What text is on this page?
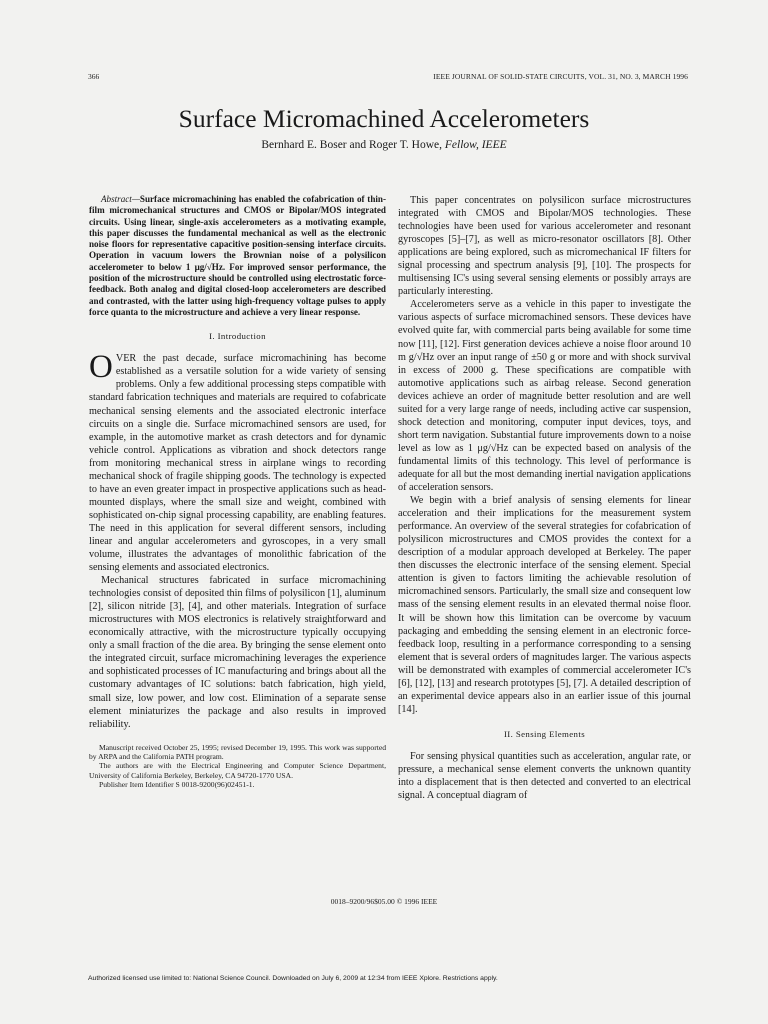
366	IEEE JOURNAL OF SOLID-STATE CIRCUITS, VOL. 31, NO. 3, MARCH 1996
Surface Micromachined Accelerometers
Bernhard E. Boser and Roger T. Howe, Fellow, IEEE

Abstract—Surface micromachining has enabled the cofabrication of thin-film micromechanical structures and CMOS or Bipolar/MOS integrated circuits. Using linear, single-axis accelerometers as a motivating example, this paper discusses the fundamental mechanical as well as the electronic noise floors for representative capacitive position-sensing interface circuits. Operation in vacuum lowers the Brownian noise of a polysilicon accelerometer to below 1 μg/√Hz. For improved sensor performance, the position of the microstructure should be controlled using electrostatic force-feedback. Both analog and digital closed-loop accelerometers are described and contrasted, with the latter using high-frequency voltage pulses to apply force quanta to the microstructure and achieve a very linear response.

I. Introduction

OVER the past decade, surface micromachining has become established as a versatile solution for a wide variety of sensing problems. Only a few additional processing steps compatible with standard fabrication techniques and materials are required to cofabricate mechanical sensing elements and the associated electronic interface circuits on a single die. Surface micromachined sensors are used, for example, in the automotive market as crash detectors and for dynamic vehicle control. Applications as vibration and shock detectors range from monitoring mechanical stress in airplane wings to recording mechanical shock of fragile shipping goods. The technology is expected to have an even greater impact in prospective applications such as head-mounted displays, where the small size and weight, combined with sophisticated on-chip signal processing capability, are enabling features. The need in this application for several different sensors, including linear and angular accelerometers and gyroscopes, in a very small volume, illustrates the advantages of monolithic fabrication of the sensing elements and associated electronics.

Mechanical structures fabricated in surface micromachining technologies consist of deposited thin films of polysilicon [1], aluminum [2], silicon nitride [3], [4], and other materials. Integration of surface microstructures with MOS electronics is relatively straightforward and economically attractive, with the microstructure typically occupying only a small fraction of the die area. By bringing the sense element onto the integrated circuit, surface micromachining leverages the experience and sophisticated processes of IC manufacturing and brings about all the customary advantages of IC solutions: batch fabrication, high yield, small size, low power, and low cost. Elimination of a separate sense element miniaturizes the package and also results in improved reliability.

Manuscript received October 25, 1995; revised December 19, 1995. This work was supported by ARPA and the California PATH program.

The authors are with the Electrical Engineering and Computer Science Department, University of California Berkeley, Berkeley, CA 94720-1770 USA.

Publisher Item Identifier S 0018-9200(96)02451-1.

This paper concentrates on polysilicon surface microstructures integrated with CMOS and Bipolar/MOS technologies. These technologies have been used for various accelerometer and resonant gyroscopes [5]–[7], as well as micro-resonator oscillators [8]. Other applications are being explored, such as micromechanical IF filters for signal processing and spectrum analysis [9], [10]. The prospects for multisensing IC's using several sensing elements or possibly arrays are particularly interesting.

Accelerometers serve as a vehicle in this paper to investigate the various aspects of surface micromachined sensors. These devices have evolved quite far, with commercial parts being available for some time now [11], [12]. First generation devices achieve a noise floor around 10 m g/√Hz over an input range of ±50 g or more and with shock survival in excess of 2000 g. These specifications are compatible with automotive applications such as airbag release. Second generation devices achieve an order of magnitude better resolution and are well suited for a very large range of needs, including active car suspension, shock detection and monitoring, computer input devices, toys, and short term navigation. Substantial future improvements down to a noise level as low as 1 μg/√Hz can be expected based on analysis of the fundamental limits of this technology. This level of performance is adequate for all but the most demanding inertial navigation applications of acceleration sensors.

We begin with a brief analysis of sensing elements for linear acceleration and their implications for the measurement system performance. An overview of the several strategies for cofabrication of polysilicon microstructures and CMOS provides the context for a description of a modular approach developed at Berkeley. The paper then discusses the electronic interface of the sensing element. Special attention is given to factors limiting the achievable resolution of micromachined sensors. Particularly, the small size and consequent low mass of the sensing element results in an elevated thermal noise floor. It will be shown how this limitation can be overcome by vacuum packaging and embedding the sensing element in an electronic force-feedback loop, resulting in a performance corresponding to a sensing element that is several orders of magnitudes larger. The various aspects will be demonstrated with examples of commercial accelerometer IC's [6], [12], [13] and research prototypes [5], [7]. A detailed description of an experimental device appears also in an earlier issue of this journal [14].

II. Sensing Elements

For sensing physical quantities such as acceleration, angular rate, or pressure, a mechanical sense element converts the unknown quantity into a displacement that is then detected and converted to an electrical signal. A conceptual diagram of

0018–9200/96$05.00 © 1996 IEEE
Authorized licensed use limited to: National Science Council. Downloaded on July 6, 2009 at 12:34 from IEEE Xplore. Restrictions apply.
